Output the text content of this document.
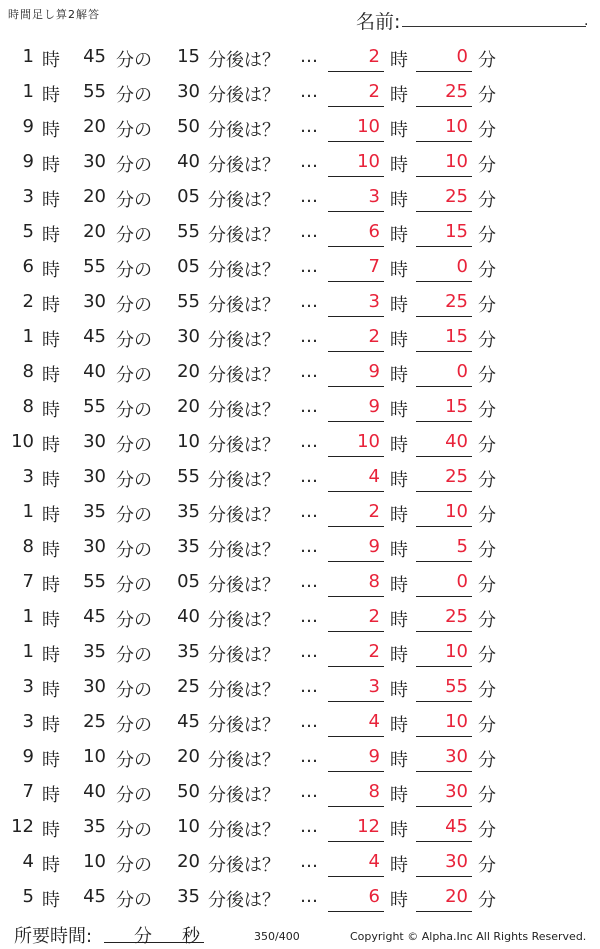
時間足し算2解答	名前:	.
1 時	45 分の	15 分後は？ …	2 時	0 分
1 時	55 分の	30 分後は？ …	2 時	25 分
9 時	20 分の	50 分後は？ …	10 時	10 分
9 時	30 分の	40 分後は？ …	10 時	10 分
3 時	20 分の	05 分後は？ …	3 時	25 分
5 時	20 分の	55 分後は？ …	6 時	15 分
6 時	55 分の	05 分後は？ …	7 時	0 分
2 時	30 分の	55 分後は？ …	3 時	25 分
1 時	45 分の	30 分後は？ …	2 時	15 分
8 時	40 分の	20 分後は？ …	9 時	0 分
8 時	55 分の	20 分後は？ …	9 時	15 分
10 時	30 分の	10 分後は？ …	10 時	40 分
3 時	30 分の	55 分後は？ …	4 時	25 分
1 時	35 分の	35 分後は？ …	2 時	10 分
8 時	30 分の	35 分後は？ …	9 時	5 分
7 時	55 分の	05 分後は？ …	8 時	0 分
1 時	45 分の	40 分後は？ …	2 時	25 分
1 時	35 分の	35 分後は？ …	2 時	10 分
3 時	30 分の	25 分後は？ …	3 時	55 分
3 時	25 分の	45 分後は？ …	4 時	10 分
9 時	10 分の	20 分後は？ …	9 時	30 分
7 時	40 分の	50 分後は？ …	8 時	30 分
12 時	35 分の	10 分後は？ …	12 時	45 分
4 時	10 分の	20 分後は？ …	4 時	30 分
5 時	45 分の	35 分後は？ …	6 時	20 分
所要時間: 分 秒	350/400	Copyright © Alpha.Inc All Rights Reserved.
